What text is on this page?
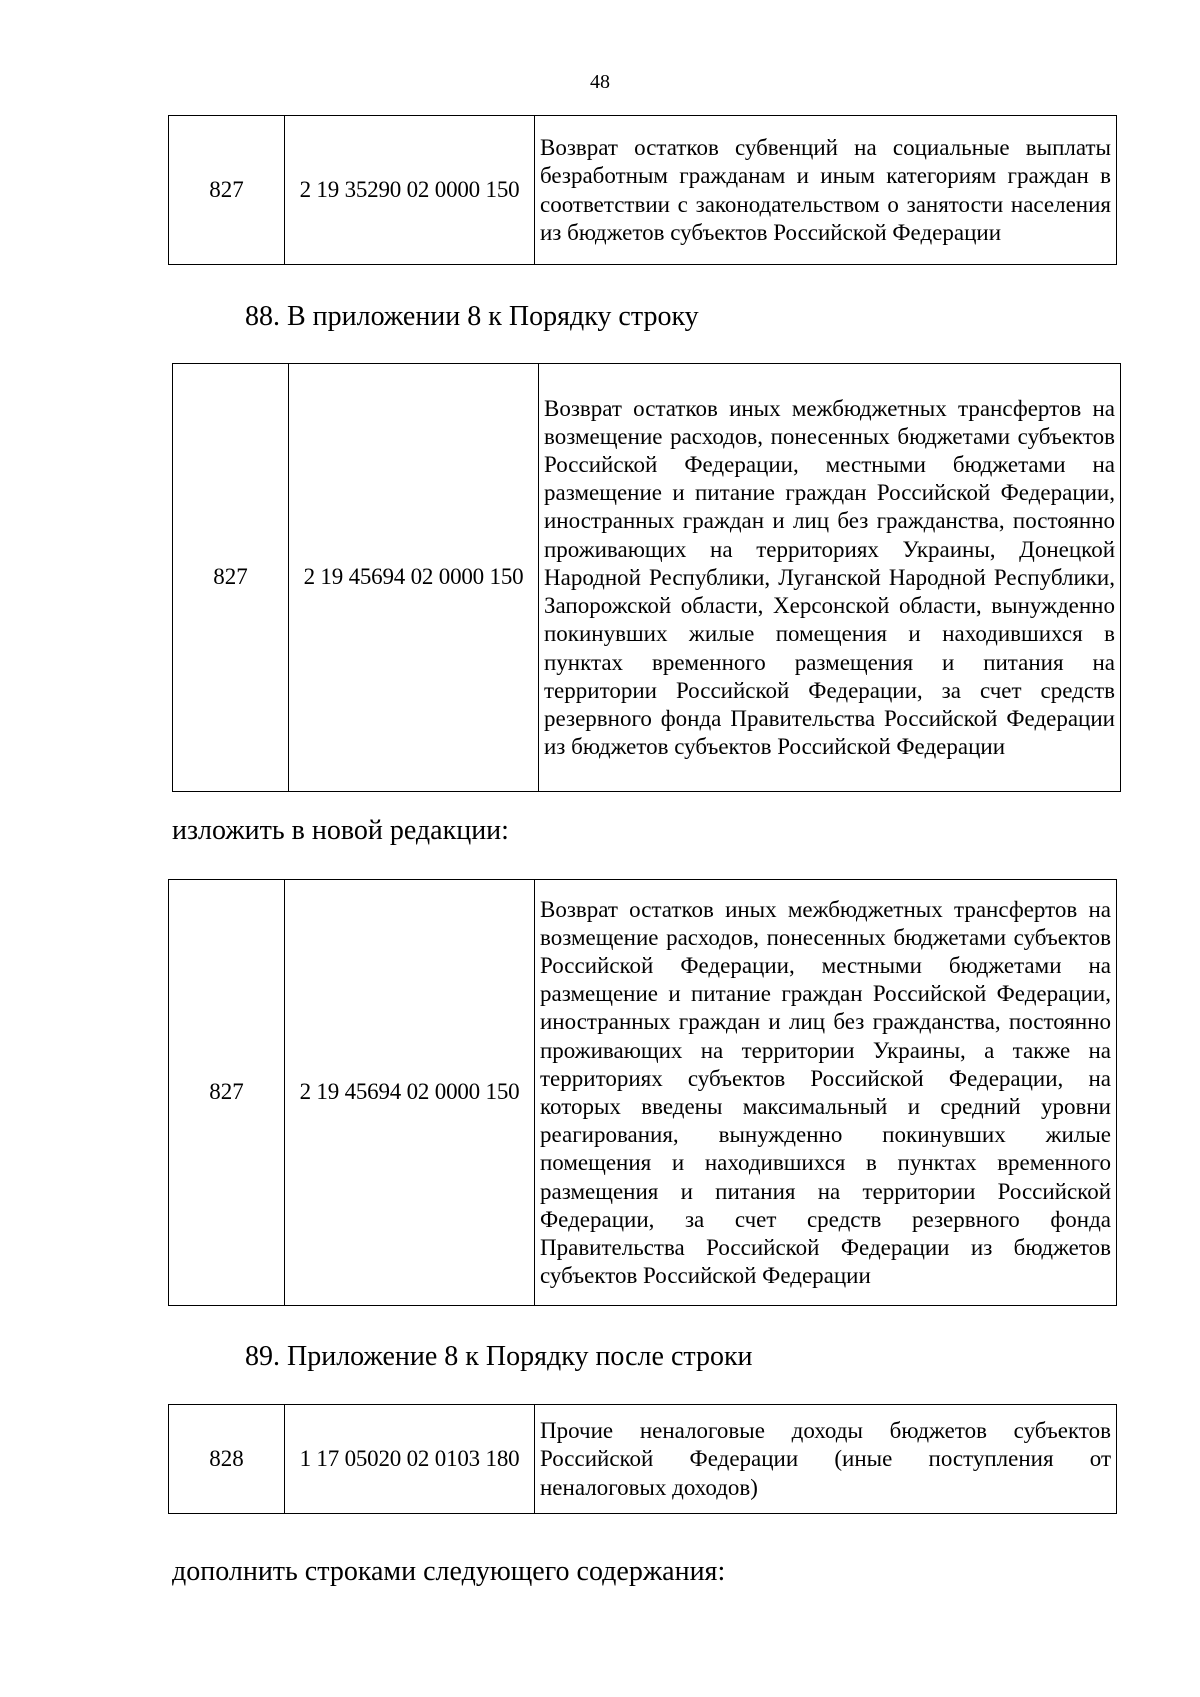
48
827	2 19 35290 02 0000 150	Возврат остатков субвенций на социальные выплаты безработным гражданам и иным категориям граждан в соответствии с законодательством о занятости населения из бюджетов субъектов Российской Федерации
88. В приложении 8 к Порядку строку
827	2 19 45694 02 0000 150	Возврат остатков иных межбюджетных трансфертов на возмещение расходов, понесенных бюджетами субъектов Российской Федерации, местными бюджетами на размещение и питание граждан Российской Федерации, иностранных граждан и лиц без гражданства, постоянно проживающих на территориях Украины, Донецкой Народной Республики, Луганской Народной Республики, Запорожской области, Херсонской области, вынужденно покинувших жилые помещения и находившихся в пунктах временного размещения и питания на территории Российской Федерации, за счет средств резервного фонда Правительства Российской Федерации из бюджетов субъектов Российской Федерации
изложить в новой редакции:
827	2 19 45694 02 0000 150	Возврат остатков иных межбюджетных трансфертов на возмещение расходов, понесенных бюджетами субъектов Российской Федерации, местными бюджетами на размещение и питание граждан Российской Федерации, иностранных граждан и лиц без гражданства, постоянно проживающих на территории Украины, а также на территориях субъектов Российской Федерации, на которых введены максимальный и средний уровни реагирования, вынужденно покинувших жилые помещения и находившихся в пунктах временного размещения и питания на территории Российской Федерации, за счет средств резервного фонда Правительства Российской Федерации из бюджетов субъектов Российской Федерации
89. Приложение 8 к Порядку после строки
828	1 17 05020 02 0103 180	Прочие неналоговые доходы бюджетов субъектов Российской Федерации (иные поступления от неналоговых доходов)
дополнить строками следующего содержания:
